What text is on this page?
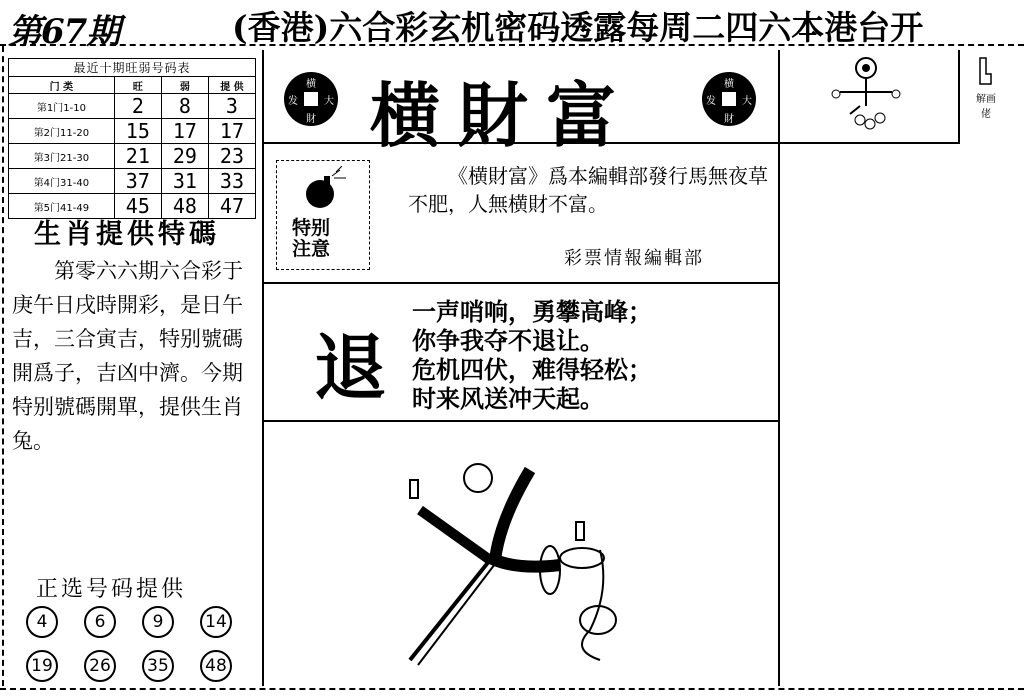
第67期	(香港)六合彩玄机密码透露每周二四六本港台开
最近十期旺弱号码表			
门 类	旺	弱	提 供
第1门1-10	2	8	3
第2门11-20	15	17	17
第3门21-30	21	29	23
第4门31-40	37	31	33
第5门41-49	45	48	47
生肖提供特碼
　　第零六六期六合彩于庚午日戌時開彩，是日午吉，三合寅吉，特别號碼開爲子，吉凶中濟。今期特别號碼開單，提供生肖兔。
正选号码提供
4	6	9	14
19	26	35	48
横
发	大
財 横財富	横
发	大
財
解画佬
特别
注意
《横財富》爲本編輯部發行馬無夜草不肥，人無横財不富。
彩票情報編輯部
退
一声哨响，勇攀高峰；
你争我夺不退让。
危机四伏，难得轻松；
时来风送冲天起。
